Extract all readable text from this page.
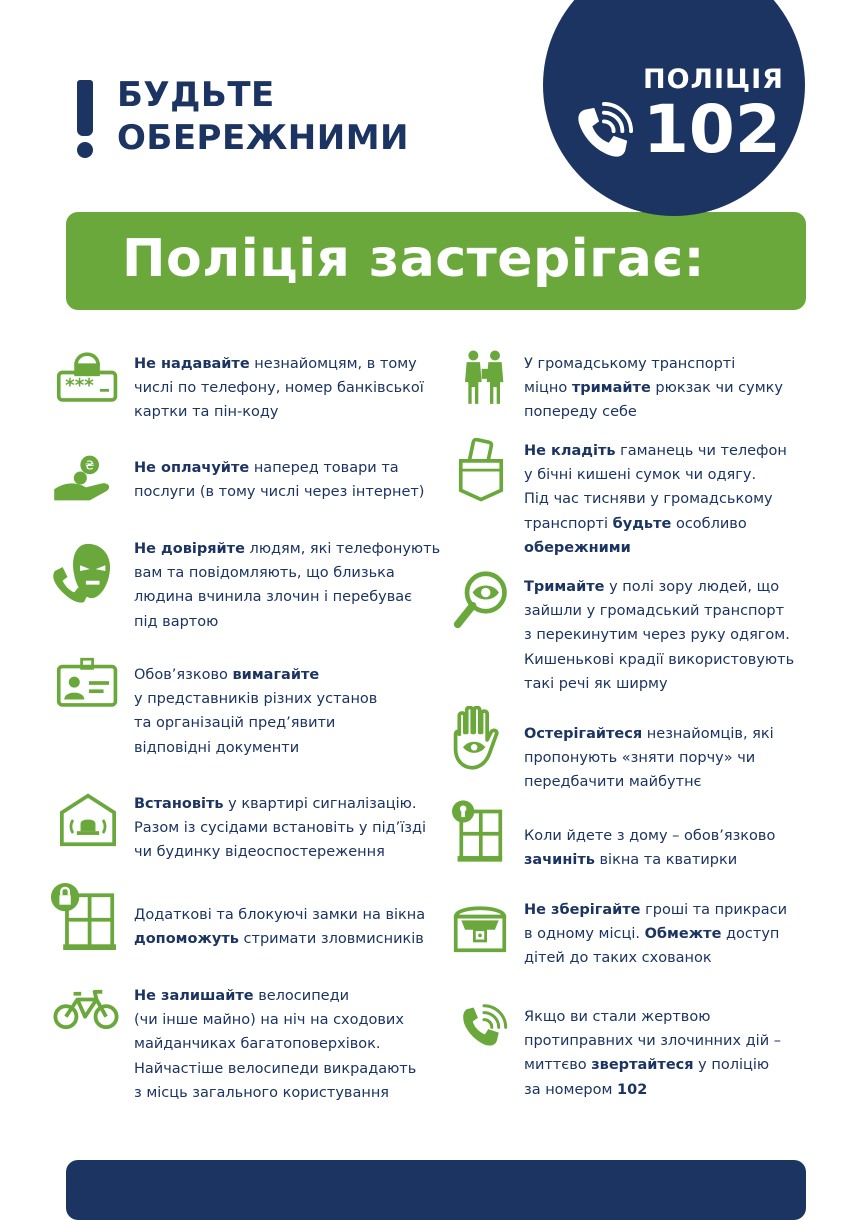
БУДЬТЕ
ОБЕРЕЖНИМИ
Поліція застерігає:
ПОЛІЦІЯ
102
***
Не надавайте незнайомцям, в тому
числі по телефону, номер банківської
картки та пін-коду
₴	Не оплачуйте наперед товари та
послуги (в тому числі через інтернет)
Не довіряйте людям, які телефонують
вам та повідомляють, що близька
людина вчинила злочин і перебуває
під вартою
Обов’язково вимагайте
у представників різних установ
та організацій пред’явити
відповідні документи
Встановіть у квартирі сигналізацію.
Разом із сусідами встановіть у під’їзді
чи будинку відеоспостереження
Додаткові та блокуючі замки на вікна
допоможуть стримати зловмисників
Не залишайте велосипеди
(чи інше майно) на ніч на сходових
майданчиках багатоповерхівок.
Найчастіше велосипеди викрадають
з місць загального користування
У громадському транспорті
міцно тримайте рюкзак чи сумку
попереду себе
Не кладіть гаманець чи телефон
у бічні кишені сумок чи одягу.
Під час тисняви у громадському
транспорті будьте особливо
обережними
Тримайте у полі зору людей, що
зайшли у громадський транспорт
з перекинутим через руку одягом.
Кишенькові крадії використовують
такі речі як ширму
Остерігайтеся незнайомців, які
пропонують «зняти порчу» чи
передбачити майбутнє
Коли йдете з дому – обов’язково
зачиніть вікна та кватирки
Не зберігайте гроші та прикраси
в одному місці. Обмежте доступ
дітей до таких схованок
Якщо ви стали жертвою
протиправних чи злочинних дій –
миттєво звертайтеся у поліцію
за номером 102
